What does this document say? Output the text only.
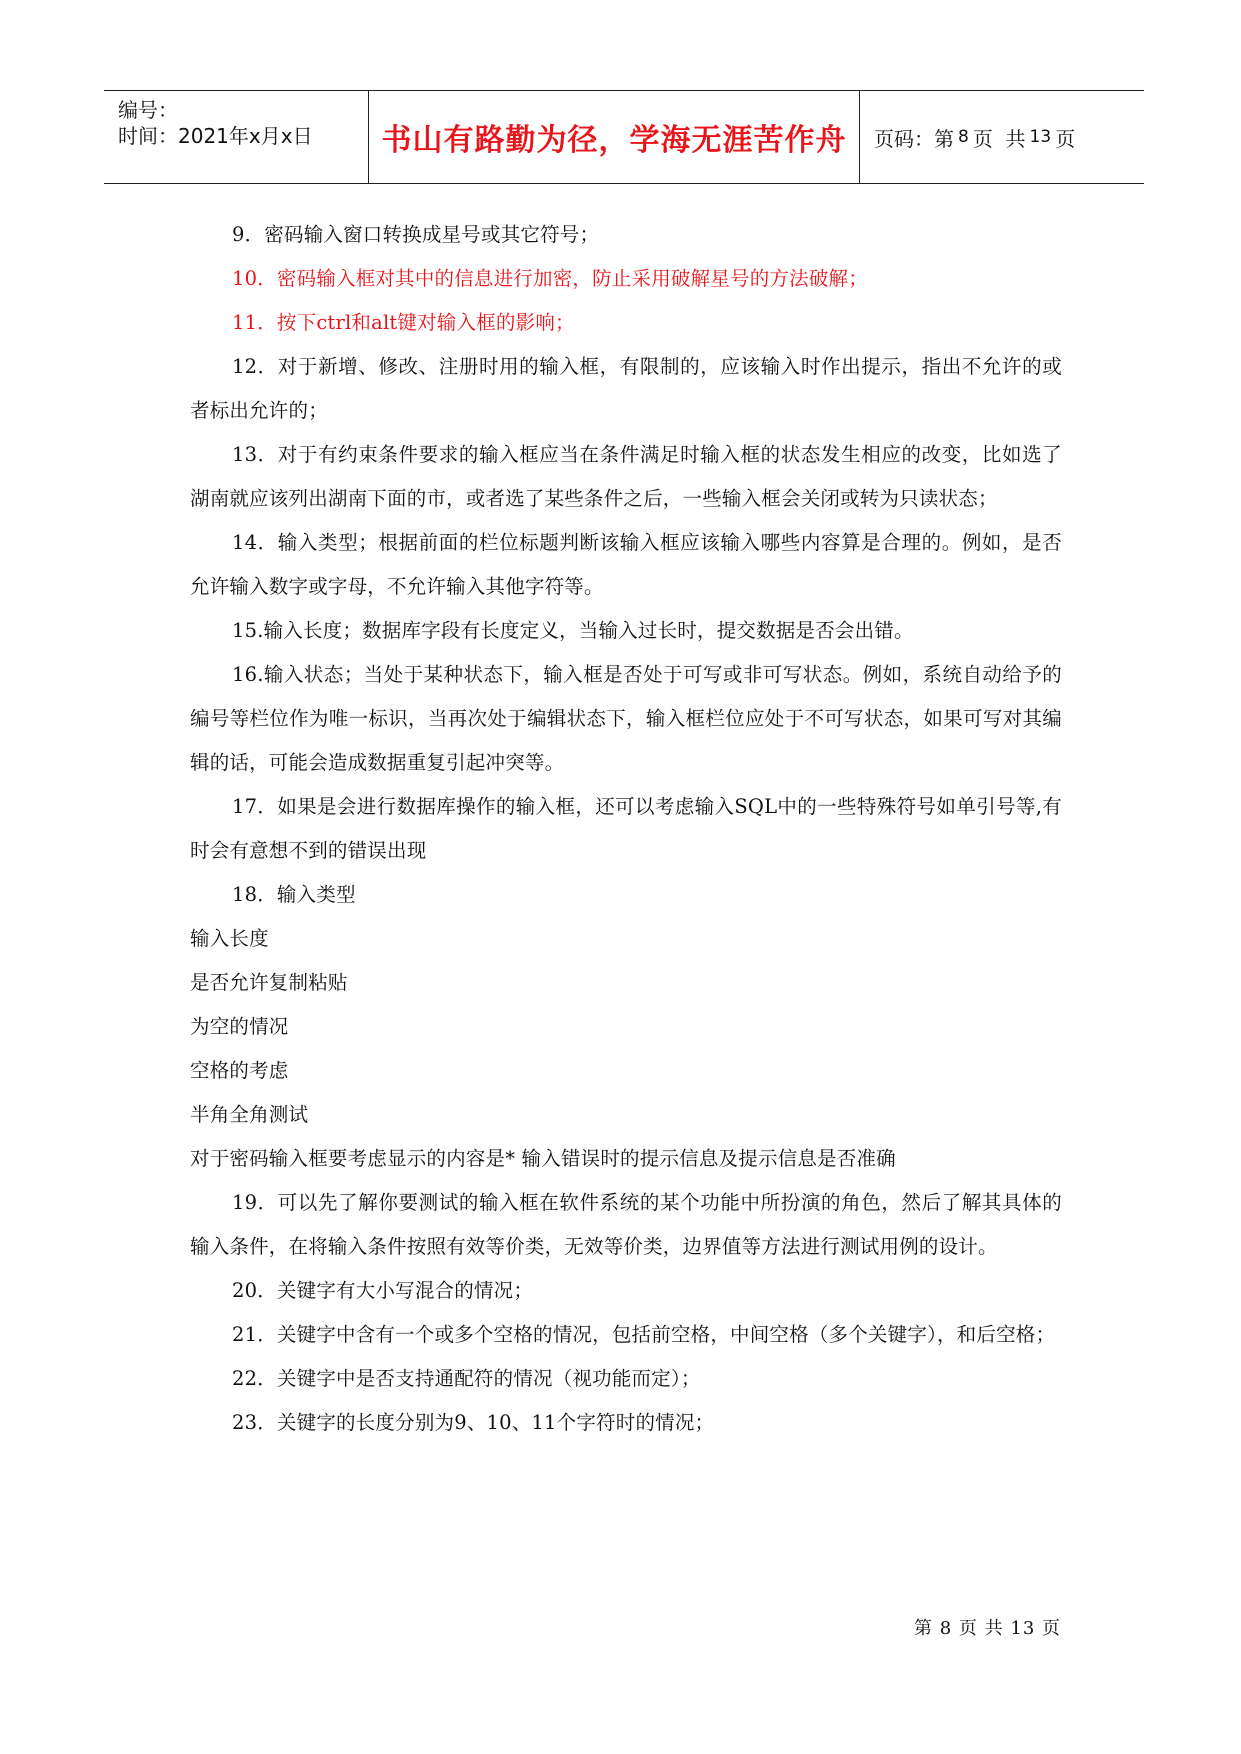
编号：
时间：2021年x月x日 书山有路勤为径，学海无涯苦作舟 页码：第 8 页  共 13 页

9．密码输入窗口转换成星号或其它符号；

10．密码输入框对其中的信息进行加密，防止采用破解星号的方法破解；

11．按下ctrl和alt键对输入框的影响；

12．对于新增、修改、注册时用的输入框，有限制的，应该输入时作出提示，指出不允许的或者标出允许的；

13．对于有约束条件要求的输入框应当在条件满足时输入框的状态发生相应的改变，比如选了湖南就应该列出湖南下面的市，或者选了某些条件之后，一些输入框会关闭或转为只读状态；

14．输入类型；根据前面的栏位标题判断该输入框应该输入哪些内容算是合理的。例如，是否允许输入数字或字母，不允许输入其他字符等。

15.输入长度；数据库字段有长度定义，当输入过长时，提交数据是否会出错。

16.输入状态；当处于某种状态下，输入框是否处于可写或非可写状态。例如，系统自动给予的编号等栏位作为唯一标识，当再次处于编辑状态下，输入框栏位应处于不可写状态，如果可写对其编辑的话，可能会造成数据重复引起冲突等。

17．如果是会进行数据库操作的输入框，还可以考虑输入SQL中的一些特殊符号如单引号等,有时会有意想不到的错误出现

18．输入类型

输入长度

是否允许复制粘贴

为空的情况

空格的考虑

半角全角测试

对于密码输入框要考虑显示的内容是* 输入错误时的提示信息及提示信息是否准确

19．可以先了解你要测试的输入框在软件系统的某个功能中所扮演的角色，然后了解其具体的输入条件，在将输入条件按照有效等价类，无效等价类，边界值等方法进行测试用例的设计。

20．关键字有大小写混合的情况；

21．关键字中含有一个或多个空格的情况，包括前空格，中间空格（多个关键字），和后空格；

22．关键字中是否支持通配符的情况（视功能而定）；

23．关键字的长度分别为9、10、11个字符时的情况；

第 8 页 共 13 页
